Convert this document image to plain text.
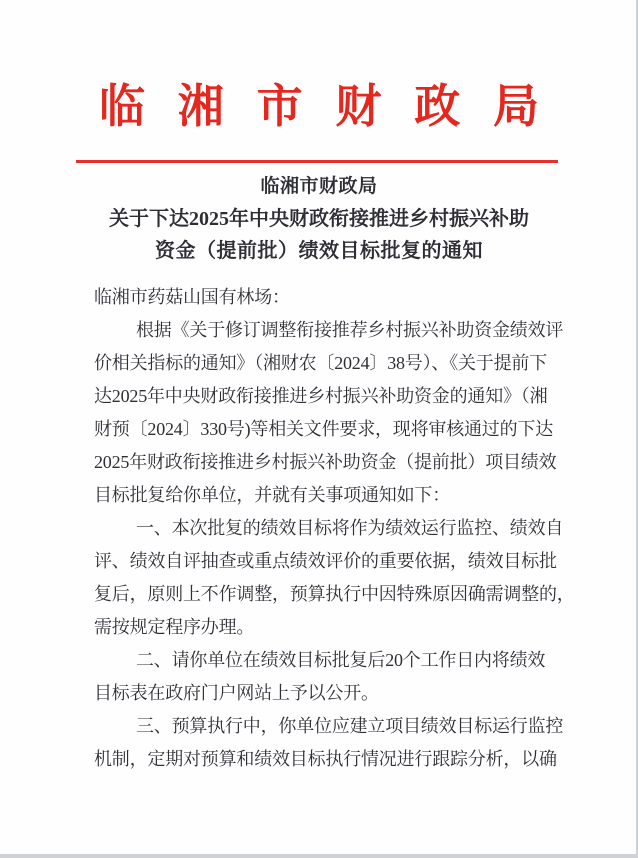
临 湘 市 财 政 局
临湘市财政局
关于下达2025年中央财政衔接推进乡村振兴补助
资金（提前批）绩效目标批复的通知
临湘市药菇山国有林场：
根据《关于修订调整衔接推荐乡村振兴补助资金绩效评
价相关指标的通知》（湘财农〔2024〕38号）、《关于提前下
达2025年中央财政衔接推进乡村振兴补助资金的通知》（湘
财预〔2024〕330号)等相关文件要求，现将审核通过的下达
2025年财政衔接推进乡村振兴补助资金（提前批）项目绩效
目标批复给你单位，并就有关事项通知如下：
一、本次批复的绩效目标将作为绩效运行监控、绩效自
评、绩效自评抽查或重点绩效评价的重要依据，绩效目标批
复后，原则上不作调整，预算执行中因特殊原因确需调整的，
需按规定程序办理。
二、请你单位在绩效目标批复后20个工作日内将绩效
目标表在政府门户网站上予以公开。
三、预算执行中，你单位应建立项目绩效目标运行监控
机制，定期对预算和绩效目标执行情况进行跟踪分析，以确
